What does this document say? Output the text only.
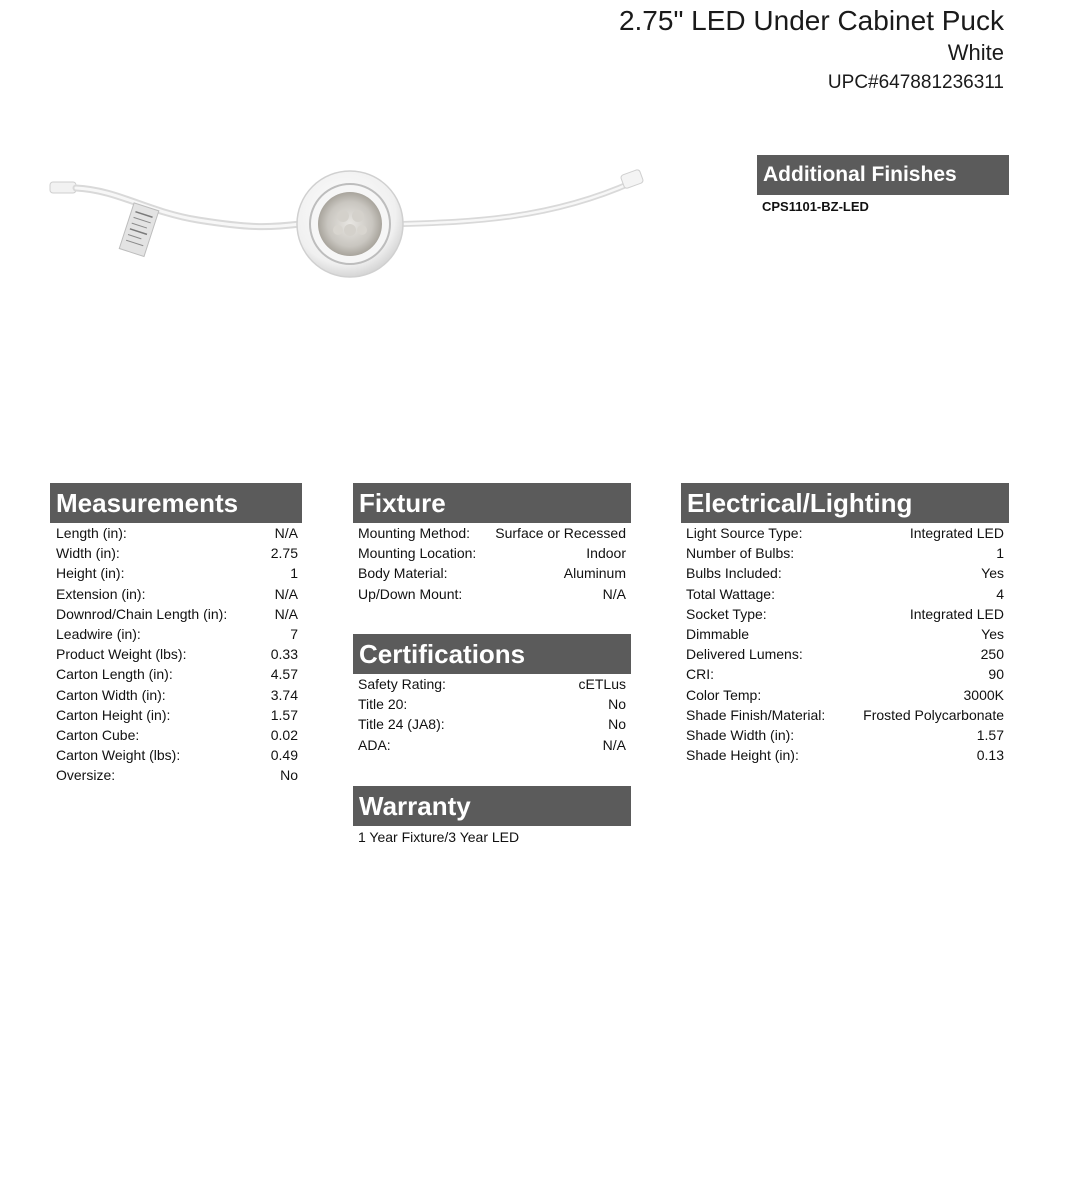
2.75" LED Under Cabinet Puck
White
UPC#647881236311
Additional Finishes
CPS1101-BZ-LED
Measurements
Length (in):	N/A
Width (in):	2.75
Height (in):	1
Extension (in):	N/A
Downrod/Chain Length (in):	N/A
Leadwire (in):	7
Product Weight (lbs):	0.33
Carton Length (in):	4.57
Carton Width (in):	3.74
Carton Height (in):	1.57
Carton Cube:	0.02
Carton Weight (lbs):	0.49
Oversize:	No
Fixture
Mounting Method: Surface or Recessed
Mounting Location:	Indoor
Body Material:	Aluminum
Up/Down Mount:	N/A
Certifications
Safety Rating:	cETLus
Title 20:	No
Title 24 (JA8):	No
ADA:	N/A
Warranty
1 Year Fixture/3 Year LED
Electrical/Lighting
Light Source Type:	Integrated LED
Number of Bulbs:	1
Bulbs Included:	Yes
Total Wattage:	4
Socket Type:	Integrated LED
Dimmable	Yes
Delivered Lumens:	250
CRI:	90
Color Temp:	3000K
Shade Finish/Material:	Frosted Polycarbonate
Shade Width (in):	1.57
Shade Height (in):	0.13
